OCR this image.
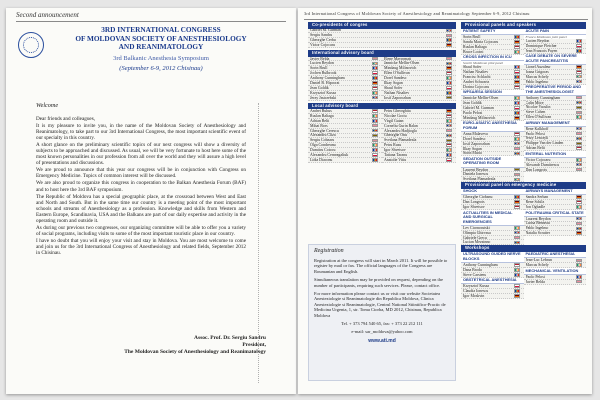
Second announcement
3RD INTERNATIONAL CONGRESS
OF MOLDOVAN SOCIETY OF ANESTHESIOLOGY
AND REANIMATOLOGY
3rd Balkanic Anesthesia Symposium
(September 6-9, 2012 Chisinau)
Welcome

Dear friends and colleagues,

It is my pleasure to invite you, in the name of the Moldovan Society of Anesthesiology and Reanimatology, to take part to our 3rd International Congress, the most important scientific event of our specialty in this country.

A short glance on the preliminary scientific topics of our next congress will show a diversity of subjects to be approached and discussed. As usual, we will be very fortunate to host here some of the most known personalities in our profession from all over the world and they will assure a high level of presentations and discussions.

We are proud to announce that this year our congress will be in conjunction with Congress on Emergency Medicine. Topics of common interest will be discussed.

We are also proud to organize this congress in cooperation to the Balkan Anesthesia Forum (BAF) and to host here the 3rd BAF symposium.

The Republic of Moldova has a special geographic place, at the crossroad between West and East and North and South. But in the same time our country is a meeting point of the most important schools and streams of Anesthesiology as a profession. Knowledge and skills from Western and Eastern Europe, Scandinavia, USA and the Balkans are part of our daily expertise and activity in the operating room and outside it.

As during our previous two congresses, our organizing committee will be able to offer you a variety of social programs, including visits to some of the most important touristic place in our country.

I have no doubt that you will enjoy your visit and stay in Moldova. You are most welcome to come and join us for the 3rd International Congress of Anesthesiology and related fields, September 2012 in Chisinau.

Assoc. Prof. Dr. Sergiu Sandru
President,
The Moldovan Society of Anesthesiology and Reanimatology
3rd International Congress of Moldovan Society of Anesthesiology and Reanimatology September 6-9, 2012 Chisinau
Co-presidents of congres
Gabriel M. Gurman
Sergiu Sandru
Gheorghe Cerbu
Victor Cojocaru
International advisory board
Javier Belda
Lucien Beydon
Sorin Brull
Jochen Bulbrook
Anthony Cunningham
Daniel B. Hipocrat
Jean Goldik
Krzysztof Kusza
Jerzy Jastrzebski
Elene Mavromati
Jannicke Mellin-Olsen
Mindaug Milinovich
Ellen O'Sullivan
Dorel Sandesc
Ilkay Sogan
Shaul Sofer
Nathan Nisaliev
Iosif Zaporozhan
Local advisory board
Andrei Buhus
Ruslan Baltaga
Adrian Belii
Mihai Bors
Gheorghe Cerescu
Alexandru Cliza
Sergiu Cobzaru
Olga Condreanu
Dumitru Cotocu
Alexandru Cerneagaliuk
Lidia Diaconu
Petru Gheorghita
Nicolae Gociu
Virgil Gutan
Corneliu Gurin Balan
Alexandru Hadjiogla
Gheorghe Onu
Svetlana Plamadeala
Petru Rusu
Igor Shvetsov
Tatiana Taranu
Anatolie Vitiu
Registration

Registration at the congress will start in March 2011. It will be possible to register by mail or fax. The official languages of the Congress are Roumanian and English.

Simultaneous translation may be provided on request, depending on the number of participants, requiring such services. Please, contact office.

For more information please contact us or visit our website Societatea Anesteziologie si Reanimatologie din Republica Moldova, Clinica Anesteziologie si Reanimatologie, Centrul National Stiintifico-Practic de Medicina Urgenta, 1, str. Toma Ciorba, MD 2012, Chisinau, Republica Moldova

Tel. + 373 794 540 65, fax: + 373 22 212 111

e-mail: sar_moldova@yahoo.com

www.ati.md
Provisional panels and speakers
PATIENT SAFETY
Sorin Brull
Sandu Maria Cojocaru
Ruslan Baltaga
Bruce Locini
CROSS INFECTION IN ICU
Scarth Moldovan pilot panel
Shaul Sofer
Nathan Nisaliev
Francisc Schlacht
Andrei Schwartz
Dorina Cojocaru
WFSA/ESA SESSION
Jannicke Mellin-Olsen
Jean Goldik
Gabriel M. Gurman
Paolo Pelosi
Mindaug Milinovich
EURO-ASIATIC ANESTHESIA FORUM
Anna Malaveva
Dorel Sandesc
Iosif Zaporozhan
Ilkay Sogan
Sorin Maria
SEDATION OUTSIDE OPERATING ROOM
Laurent Beydon
Daniela Ionescu
Svetlana Plamadeala
ACUTE PAIN
Franco Moldovan joint panel
Lucien Beydon
Dominique Fletcher
Jean Francois Payen
CASE DEBATE ON SEVERE ACUTE PANCREATITIS
Lionel Auzaleur
Ioana Grigoras
Marcus Schely
Pablo Ingelmo
PREOPERATIVE PERIOD AND THE ANESTHESIOLOGIST
Anthony Cunningham
Calin Mitre
Nicolae Vaculin
Steve Cohen
Ellen O'Sullivan
AIRWAY MANAGEMENT
Rene Kalkhoff
Paolo Pelosi
Jerzy Lenczyk
Philippe Van der Linden
Adrian Belii
ENTERAL NUTRITION
Victor Cojocaru
Alexandr Dumitrescu
Dan Longrois
Provisional panel on emergency medicine
SHOCK
Gheorghe Ciobanu
Dan Longrois
Igor Shvetsov
ACTUALITIES IN MEDICAL AND SURGICAL EMERGENCIES
Lev Ciornorutski
Olimpia Ghirvasa
Gabriele Grecu
Lucian Mezzinno
AIRWAYS MANAGEMENT
Sandra Serban
Rene Schilz
Jon Ogbadle
POLITRAUMA CRITICAL STATE
Laurent Beydon
Larisa Benneau
Pablo Ingelmo
Natalia Scrutter
Workshops
ULTRASOUND GUIDED NERVE BLOCKS
Anthony Cunningham
Dana Broda
Steve Carstens
OBSTETRICAL ANESTHESIA
Krzysztof Kusza
Claudia Ionescu
Igor Moskvin
PAEDIATRIC ANESTHESIA
Jean-Luc Lebrun
Marcus Schely
MECHANICAL VENTILATION
Paolo Pelosi
Javier Belda
